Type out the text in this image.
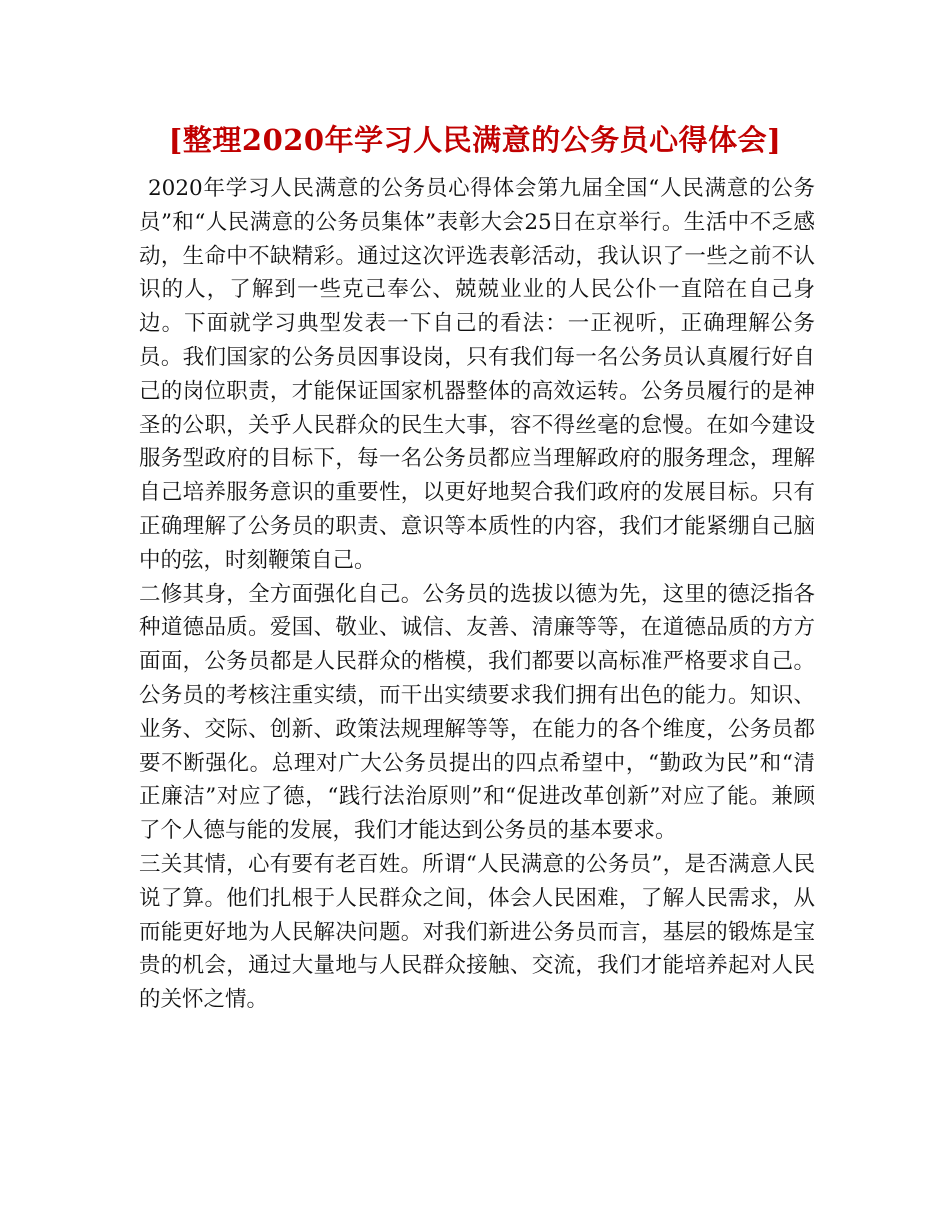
[整理2020年学习人民满意的公务员心得体会]

2020年学习人民满意的公务员心得体会第九届全国“人民满意的公务员”和“人民满意的公务员集体”表彰大会25日在京举行。生活中不乏感动，生命中不缺精彩。通过这次评选表彰活动，我认识了一些之前不认识的人，了解到一些克己奉公、兢兢业业的人民公仆一直陪在自己身边。下面就学习典型发表一下自己的看法：一正视听，正确理解公务员。我们国家的公务员因事设岗，只有我们每一名公务员认真履行好自己的岗位职责，才能保证国家机器整体的高效运转。公务员履行的是神圣的公职，关乎人民群众的民生大事，容不得丝毫的怠慢。在如今建设服务型政府的目标下，每一名公务员都应当理解政府的服务理念，理解自己培养服务意识的重要性，以更好地契合我们政府的发展目标。只有正确理解了公务员的职责、意识等本质性的内容，我们才能紧绷自己脑中的弦，时刻鞭策自己。

二修其身，全方面强化自己。公务员的选拔以德为先，这里的德泛指各种道德品质。爱国、敬业、诚信、友善、清廉等等，在道德品质的方方面面，公务员都是人民群众的楷模，我们都要以高标准严格要求自己。公务员的考核注重实绩，而干出实绩要求我们拥有出色的能力。知识、业务、交际、创新、政策法规理解等等，在能力的各个维度，公务员都要不断强化。总理对广大公务员提出的四点希望中，“勤政为民”和“清正廉洁”对应了德，“践行法治原则”和“促进改革创新”对应了能。兼顾了个人德与能的发展，我们才能达到公务员的基本要求。

三关其情，心有要有老百姓。所谓“人民满意的公务员”，是否满意人民说了算。他们扎根于人民群众之间，体会人民困难，了解人民需求，从而能更好地为人民解决问题。对我们新进公务员而言，基层的锻炼是宝贵的机会，通过大量地与人民群众接触、交流，我们才能培养起对人民的关怀之情。
